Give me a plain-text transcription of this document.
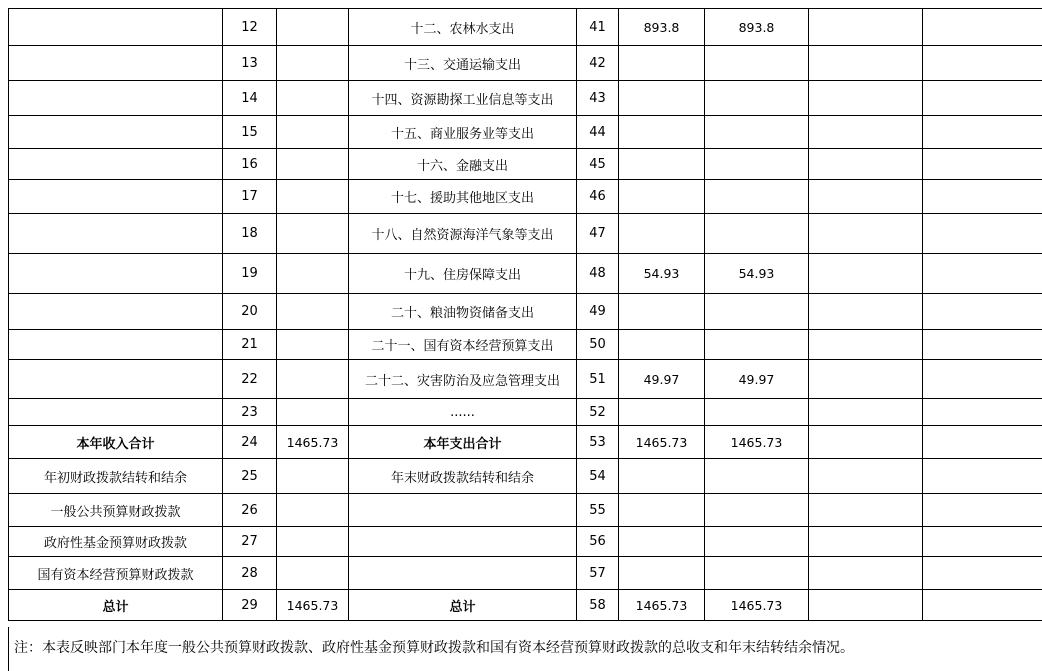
	12		十二、农林水支出	41	893.8	893.8		
	13		十三、交通运输支出	42				
	14		十四、资源勘探工业信息等支出	43				
	15		十五、商业服务业等支出	44				
	16		十六、金融支出	45				
	17		十七、援助其他地区支出	46				
	18		十八、自然资源海洋气象等支出	47				
	19		十九、住房保障支出	48	54.93	54.93		
	20		二十、粮油物资储备支出	49				
	21		二十一、国有资本经营预算支出	50				
	22		二十二、灾害防治及应急管理支出	51	49.97	49.97		
	23		......	52				
本年收入合计	24	1465.73	本年支出合计	53	1465.73	1465.73		
年初财政拨款结转和结余	25		年末财政拨款结转和结余	54				
一般公共预算财政拨款	26			55				
政府性基金预算财政拨款	27			56				
国有资本经营预算财政拨款	28			57				
总计	29	1465.73	总计	58	1465.73	1465.73		
注：本表反映部门本年度一般公共预算财政拨款、政府性基金预算财政拨款和国有资本经营预算财政拨款的总收支和年末结转结余情况。
